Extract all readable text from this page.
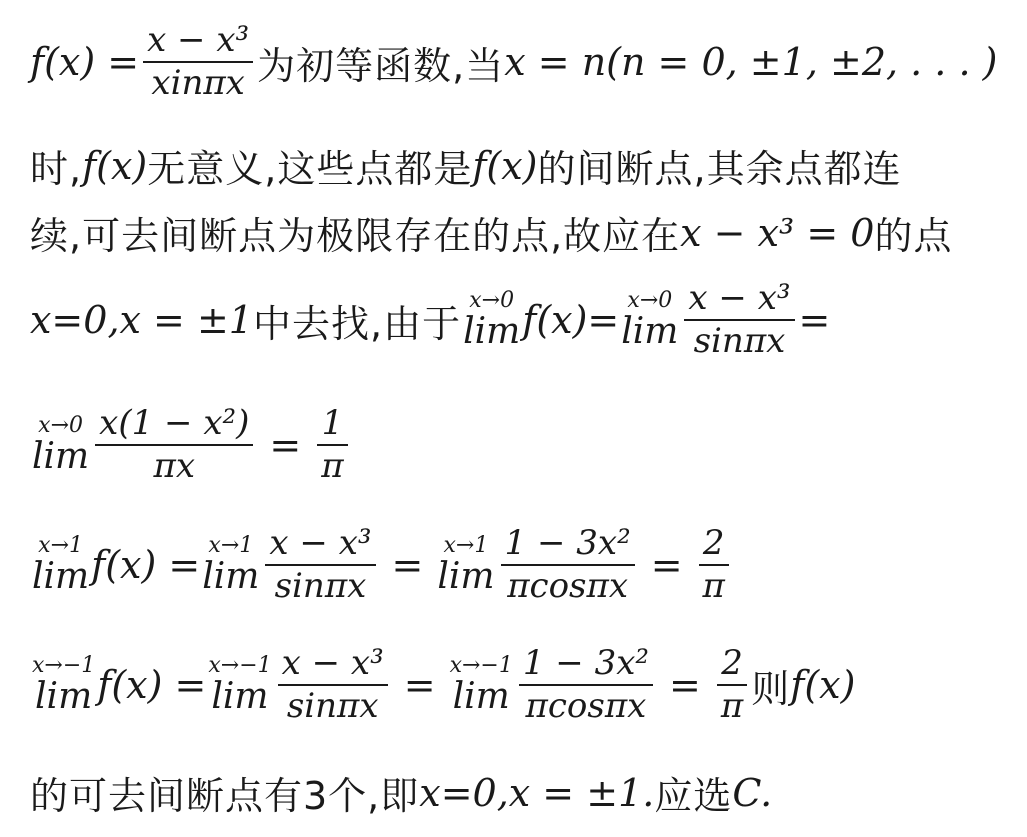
$f(x) = \frac{\text{x − x³}}{\text{xinπx}}$ 为初等函数,当 x = n(n = 0, ±1, ±2, . . . )
时, f(x) 无意义,这些点都是 f(x) 的间断点,其余点都连
续,可去间断点为极限存在的点,故应在 x − x³ = 0 的点
x=0, x = ±1 中去找,由于
x→0
lim f(x)= x→0
$\lim \frac{\text{x − x³}}{\sin\pi x}$ =
x→0
$\lim \frac{\text{x(1 − x²)}}{\pi x} = \frac{1}{\pi}$
x→1
lim f(x) = x→1
$\lim \frac{\text{x − x³}}{\sin\pi x} = x\to 1$
$\lim \frac{\text{1 − 3x²}}{\pi\cos\pi x} = \frac{2}{\pi}$
x→−1
lim f(x) = x→−1
$\lim \frac{\text{x − x³}}{\sin\pi x} = x\to-1$
$\lim \frac{\text{1 − 3x²}}{\pi\cos\pi x} = \frac{2}{\pi}$ 则 f(x)
的可去间断点有3个,即 x=0, x = ±1. 应选 C.
